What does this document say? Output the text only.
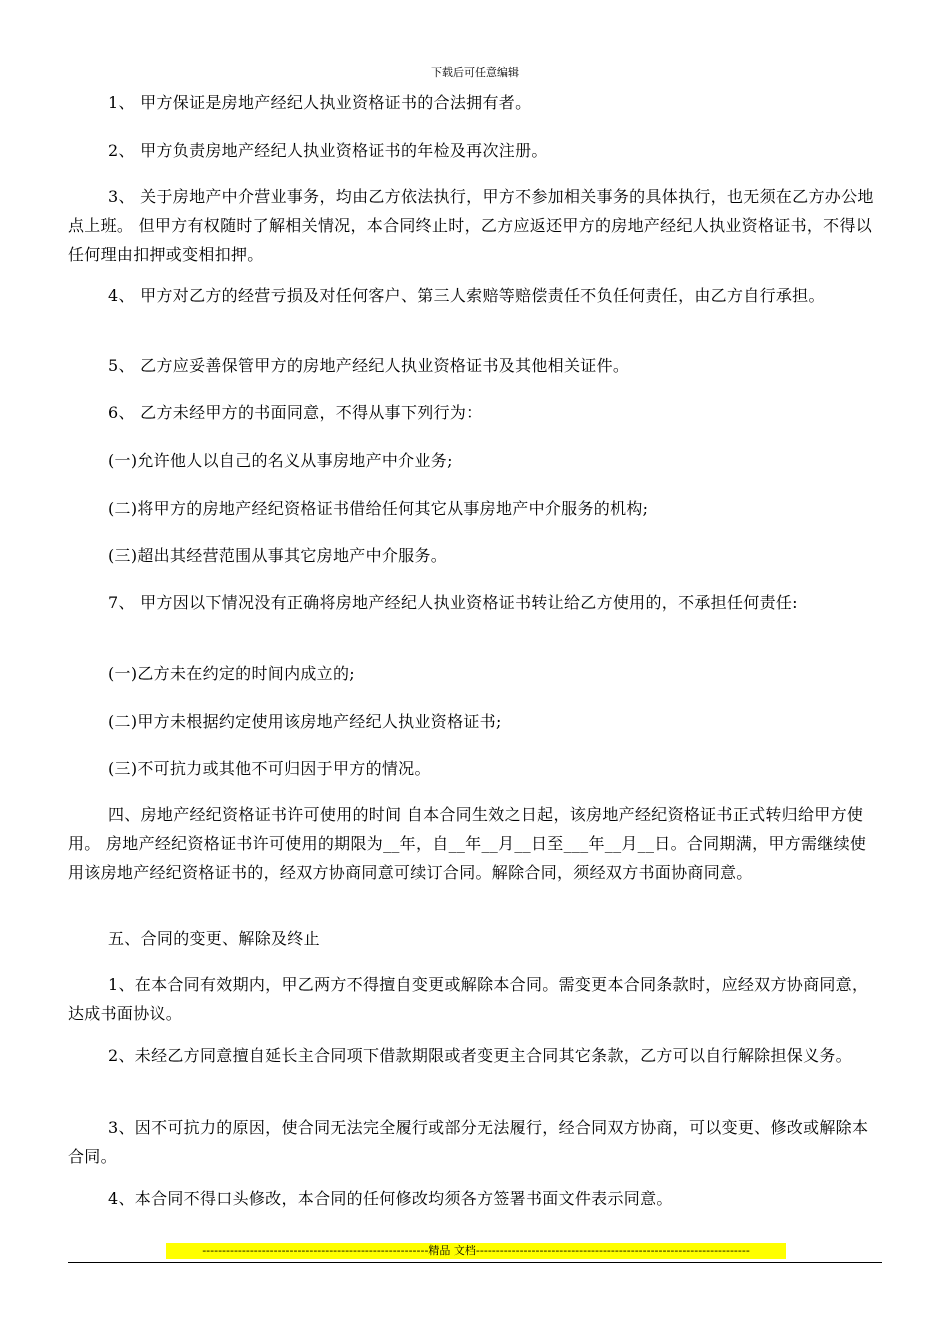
下载后可任意编辑
1、 甲方保证是房地产经纪人执业资格证书的合法拥有者。
2、 甲方负责房地产经纪人执业资格证书的年检及再次注册。
3、 关于房地产中介营业事务，均由乙方依法执行，甲方不参加相关事务的具体执行，也无须在乙方办公地点上班。 但甲方有权随时了解相关情况，本合同终止时，乙方应返还甲方的房地产经纪人执业资格证书，不得以任何理由扣押或变相扣押。
4、 甲方对乙方的经营亏损及对任何客户、第三人索赔等赔偿责任不负任何责任，由乙方自行承担。
5、 乙方应妥善保管甲方的房地产经纪人执业资格证书及其他相关证件。
6、 乙方未经甲方的书面同意，不得从事下列行为：
(一)允许他人以自己的名义从事房地产中介业务;
(二)将甲方的房地产经纪资格证书借给任何其它从事房地产中介服务的机构;
(三)超出其经营范围从事其它房地产中介服务。
7、 甲方因以下情况没有正确将房地产经纪人执业资格证书转让给乙方使用的，不承担任何责任:
(一)乙方未在约定的时间内成立的;
(二)甲方未根据约定使用该房地产经纪人执业资格证书;
(三)不可抗力或其他不可归因于甲方的情况。
四、房地产经纪资格证书许可使用的时间 自本合同生效之日起，该房地产经纪资格证书正式转归给甲方使用。 房地产经纪资格证书许可使用的期限为__年，自__年__月__日至___年__月__日。合同期满，甲方需继续使用该房地产经纪资格证书的，经双方协商同意可续订合同。解除合同，须经双方书面协商同意。
五、合同的变更、解除及终止
1、在本合同有效期内，甲乙两方不得擅自变更或解除本合同。需变更本合同条款时，应经双方协商同意，达成书面协议。
2、未经乙方同意擅自延长主合同项下借款期限或者变更主合同其它条款，乙方可以自行解除担保义务。
3、因不可抗力的原因，使合同无法完全履行或部分无法履行，经合同双方协商，可以变更、修改或解除本合同。
4、本合同不得口头修改，本合同的任何修改均须各方签署书面文件表示同意。
---------------------------------------------------------精品 文档---------------------------------------------------------------------
